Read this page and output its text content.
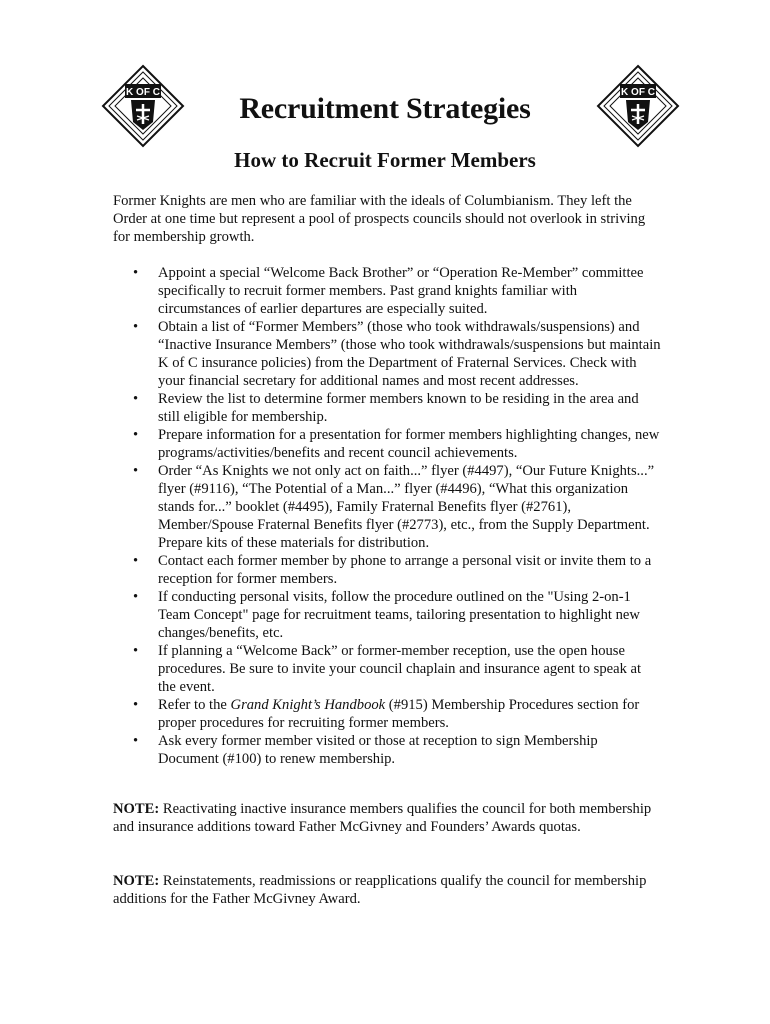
K OF C	K OF C
Recruitment Strategies
How to Recruit Former Members

Former Knights are men who are familiar with the ideals of Columbianism. They left the Order at one time but represent a pool of prospects councils should not overlook in striving for membership growth.

• Appoint a special “Welcome Back Brother” or “Operation Re-Member” committee specifically to recruit former members. Past grand knights familiar with circumstances of earlier departures are especially suited.
• Obtain a list of “Former Members” (those who took withdrawals/suspensions) and “Inactive Insurance Members” (those who took withdrawals/suspensions but maintain K of C insurance policies) from the Department of Fraternal Services. Check with your financial secretary for additional names and most recent addresses.
• Review the list to determine former members known to be residing in the area and still eligible for membership.
• Prepare information for a presentation for former members highlighting changes, new programs/activities/benefits and recent council achievements.
• Order “As Knights we not only act on faith...” flyer (#4497), “Our Future Knights...” flyer (#9116), “The Potential of a Man...” flyer (#4496), “What this organization stands for...” booklet (#4495), Family Fraternal Benefits flyer (#2761), Member/Spouse Fraternal Benefits flyer (#2773), etc., from the Supply Department. Prepare kits of these materials for distribution.
• Contact each former member by phone to arrange a personal visit or invite them to a reception for former members.
• If conducting personal visits, follow the procedure outlined on the "Using 2-on-1 Team Concept" page for recruitment teams, tailoring presentation to highlight new changes/benefits, etc.
• If planning a “Welcome Back” or former-member reception, use the open house procedures. Be sure to invite your council chaplain and insurance agent to speak at the event.
• Refer to the Grand Knight’s Handbook (#915) Membership Procedures section for proper procedures for recruiting former members.
• Ask every former member visited or those at reception to sign Membership Document (#100) to renew membership.

NOTE: Reactivating inactive insurance members qualifies the council for both membership and insurance additions toward Father McGivney and Founders’ Awards quotas.

NOTE: Reinstatements, readmissions or reapplications qualify the council for membership additions for the Father McGivney Award.
